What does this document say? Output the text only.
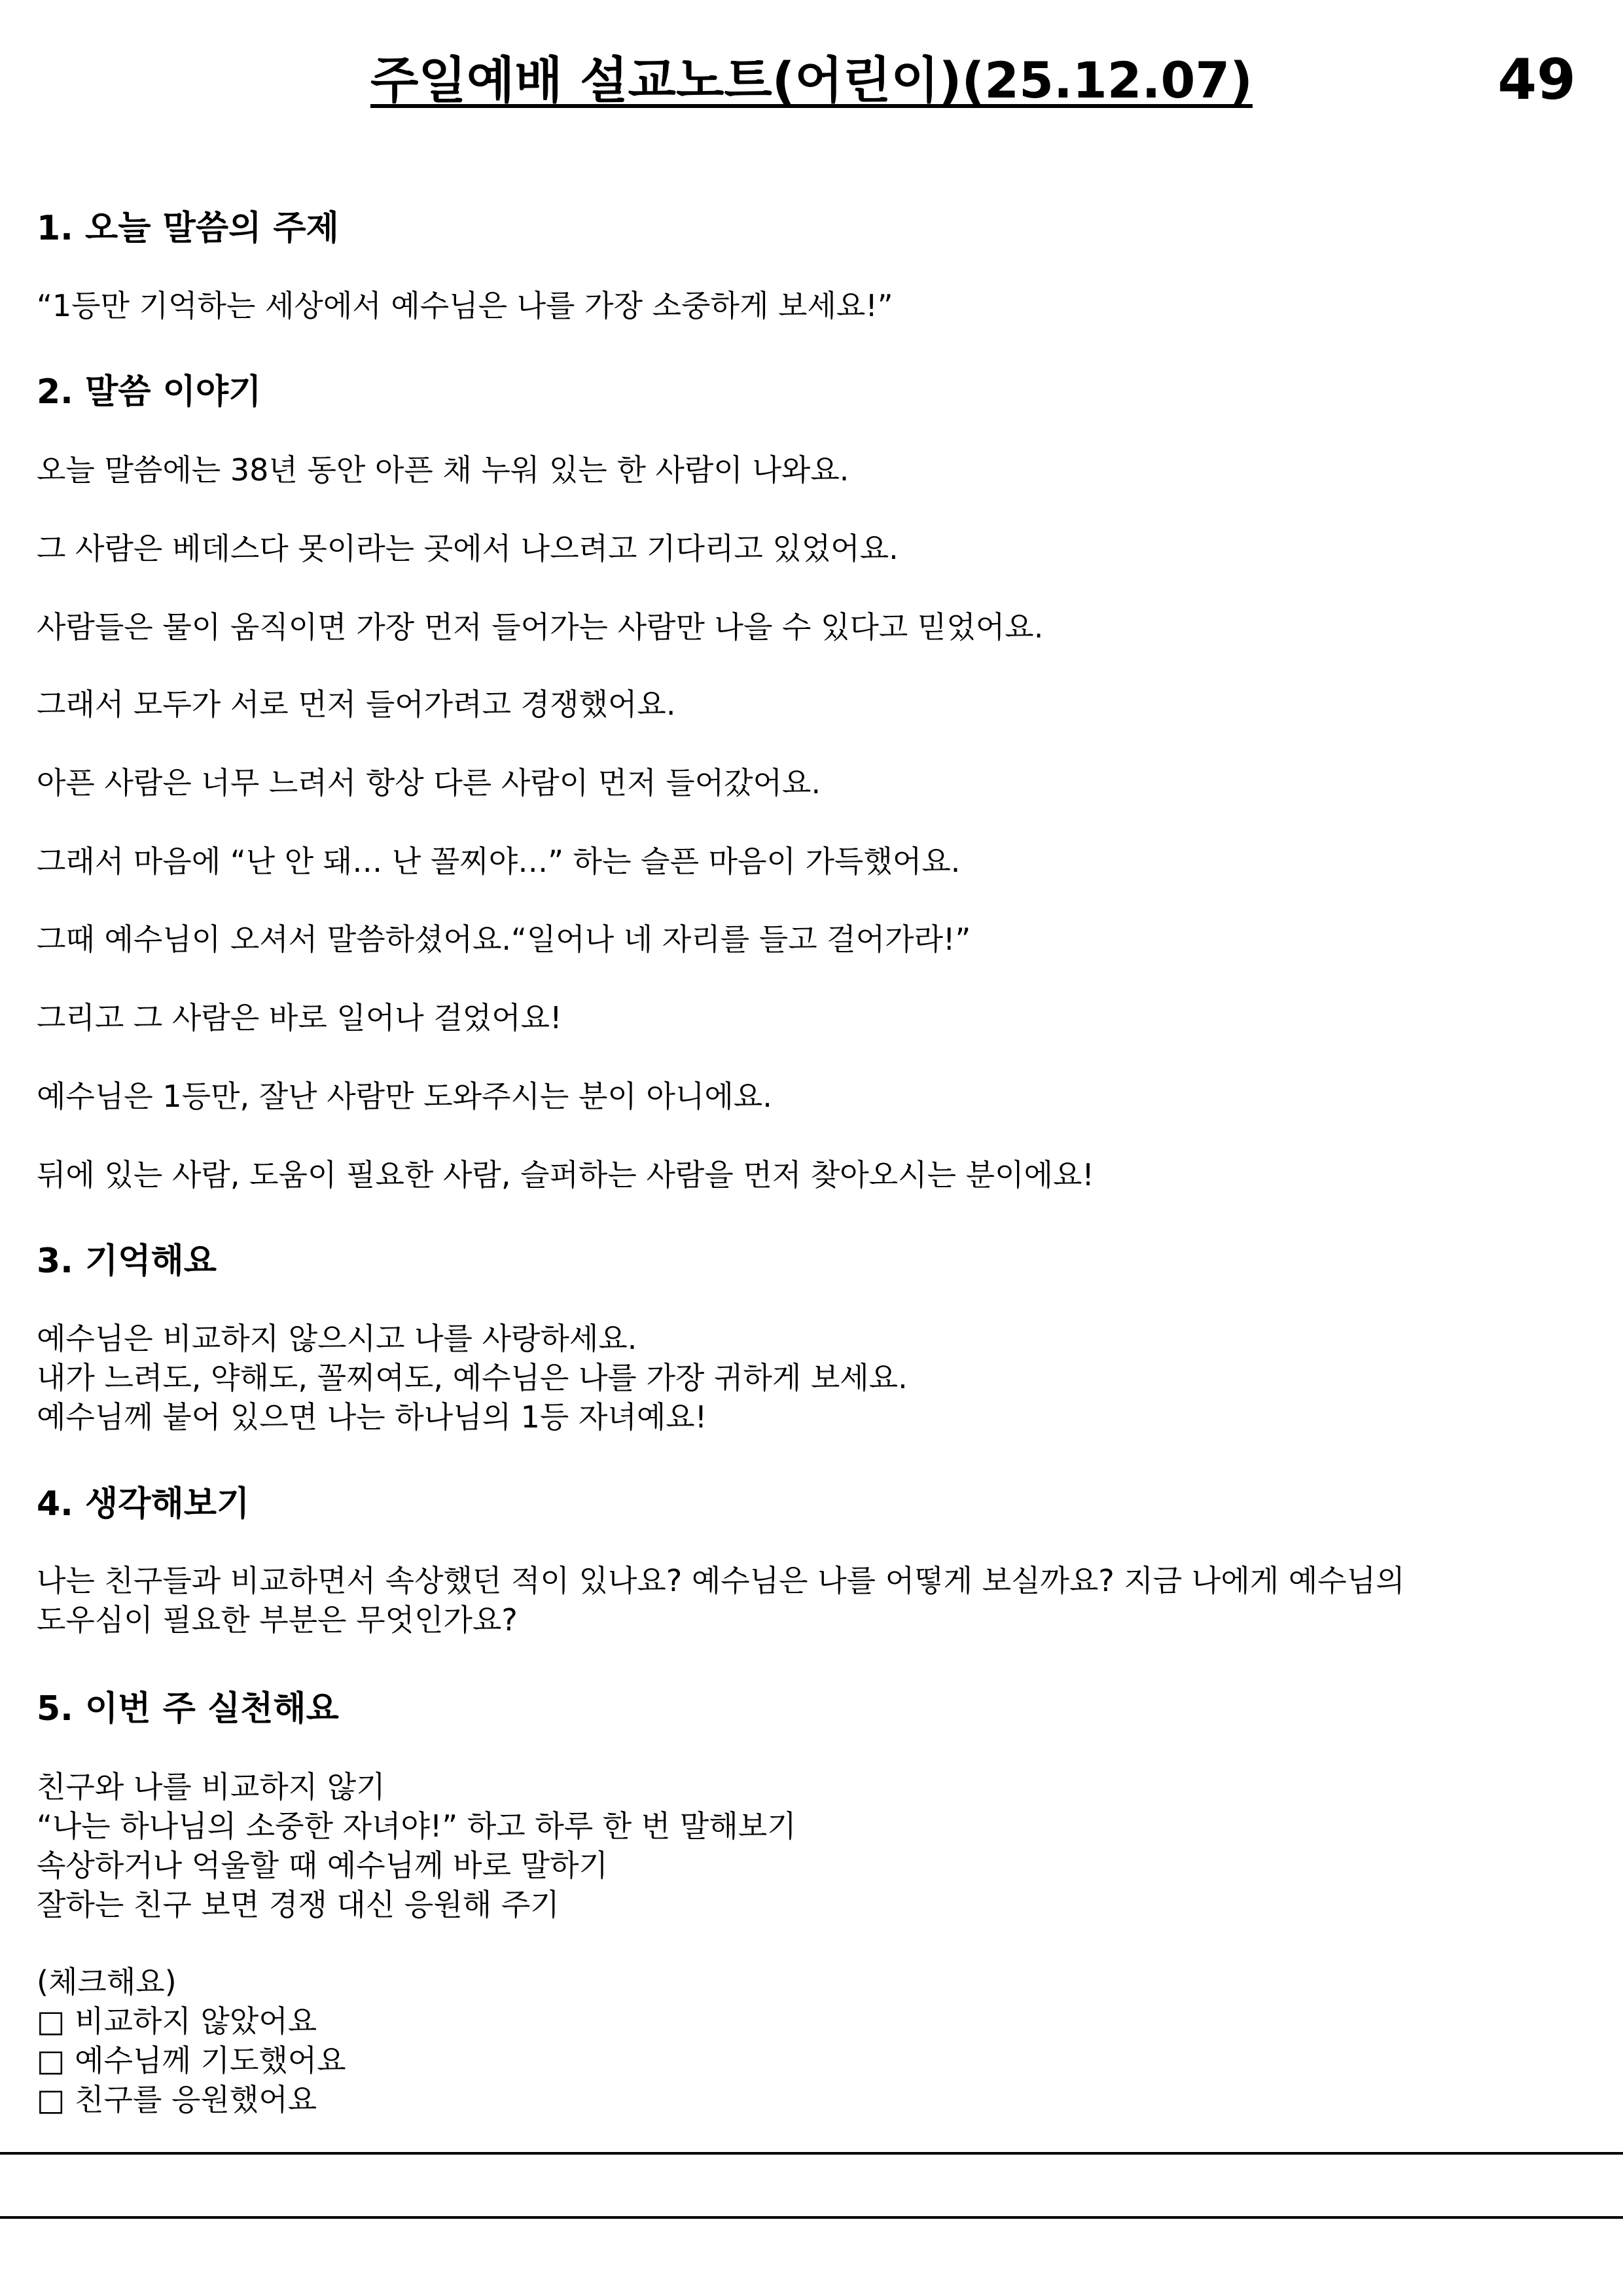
주일예배 설교노트(어린이)(25.12.07)	49
1. 오늘 말씀의 주제
“1등만 기억하는 세상에서 예수님은 나를 가장 소중하게 보세요!”
2. 말씀 이야기
오늘 말씀에는 38년 동안 아픈 채 누워 있는 한 사람이 나와요.
그 사람은 베데스다 못이라는 곳에서 나으려고 기다리고 있었어요.
사람들은 물이 움직이면 가장 먼저 들어가는 사람만 나을 수 있다고 믿었어요.
그래서 모두가 서로 먼저 들어가려고 경쟁했어요.
아픈 사람은 너무 느려서 항상 다른 사람이 먼저 들어갔어요.
그래서 마음에 “난 안 돼… 난 꼴찌야…” 하는 슬픈 마음이 가득했어요.
그때 예수님이 오셔서 말씀하셨어요.“일어나 네 자리를 들고 걸어가라!”
그리고 그 사람은 바로 일어나 걸었어요!
예수님은 1등만, 잘난 사람만 도와주시는 분이 아니에요.
뒤에 있는 사람, 도움이 필요한 사람, 슬퍼하는 사람을 먼저 찾아오시는 분이에요!
3. 기억해요
예수님은 비교하지 않으시고 나를 사랑하세요.
내가 느려도, 약해도, 꼴찌여도, 예수님은 나를 가장 귀하게 보세요.
예수님께 붙어 있으면 나는 하나님의 1등 자녀예요!
4. 생각해보기
나는 친구들과 비교하면서 속상했던 적이 있나요? 예수님은 나를 어떻게 보실까요? 지금 나에게 예수님의
도우심이 필요한 부분은 무엇인가요?
5. 이번 주 실천해요
친구와 나를 비교하지 않기
“나는 하나님의 소중한 자녀야!” 하고 하루 한 번 말해보기
속상하거나 억울할 때 예수님께 바로 말하기
잘하는 친구 보면 경쟁 대신 응원해 주기
(체크해요)
□ 비교하지 않았어요
□ 예수님께 기도했어요
□ 친구를 응원했어요
